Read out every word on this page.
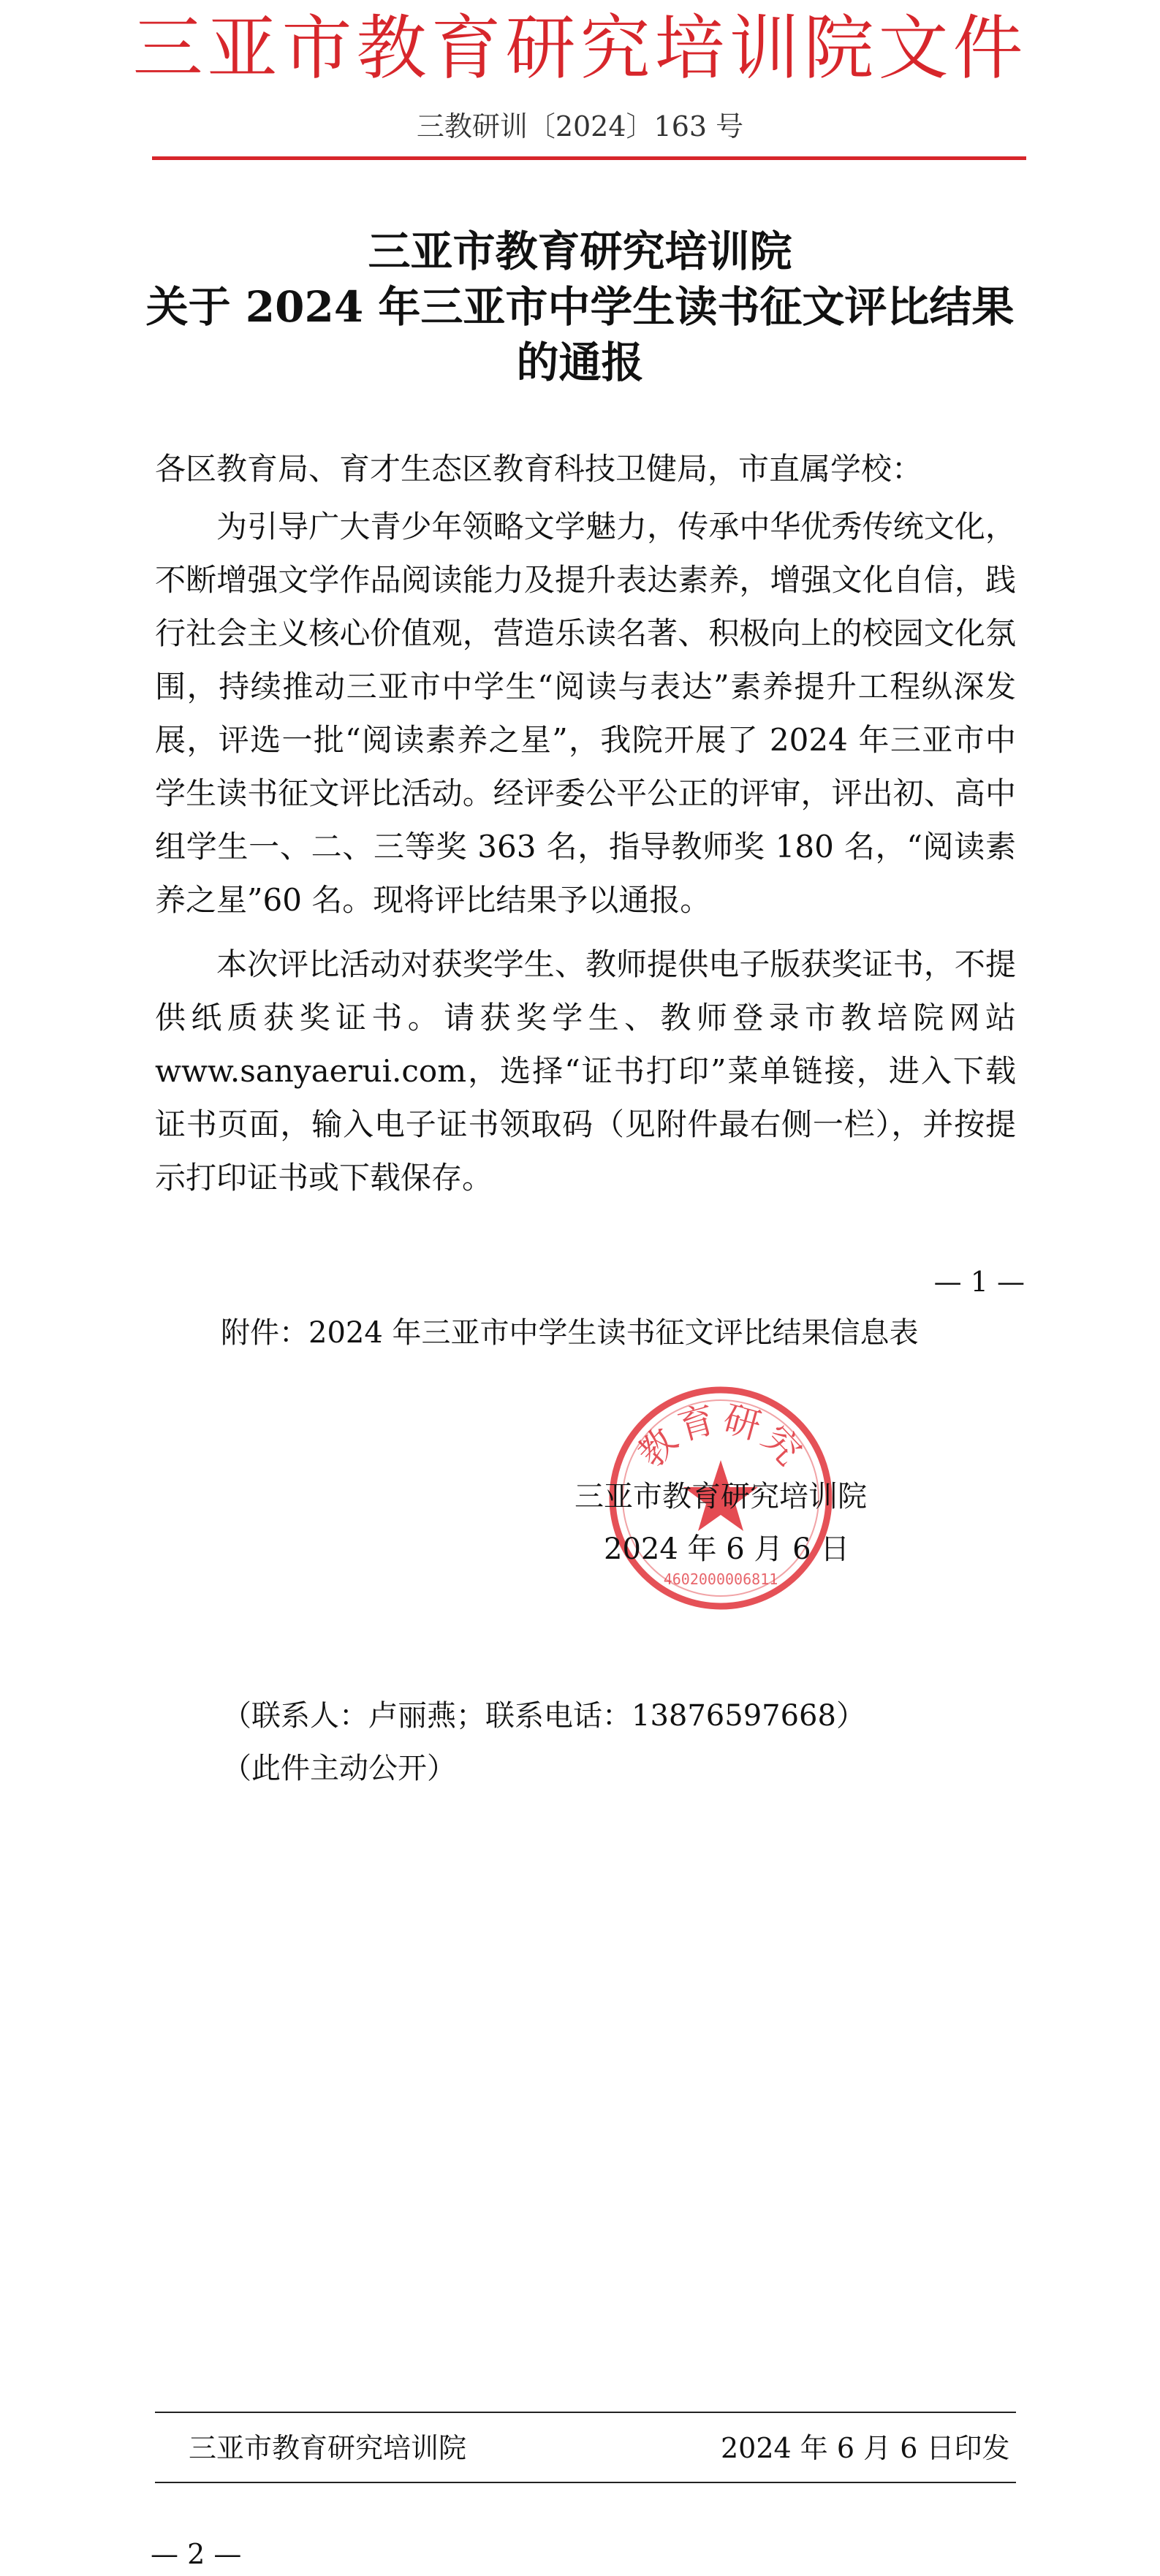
三亚市教育研究培训院文件
三教研训〔2024〕163 号
三亚市教育研究培训院
关于 2024 年三亚市中学生读书征文评比结果
的通报
各区教育局、育才生态区教育科技卫健局，市直属学校：

为引导广大青少年领略文学魅力，传承中华优秀传统文化，不断增强文学作品阅读能力及提升表达素养，增强文化自信，践行社会主义核心价值观，营造乐读名著、积极向上的校园文化氛围，持续推动三亚市中学生“阅读与表达”素养提升工程纵深发展，评选一批“阅读素养之星”，我院开展了 2024 年三亚市中学生读书征文评比活动。经评委公平公正的评审，评出初、高中组学生一、二、三等奖 363 名，指导教师奖 180 名，“阅读素养之星”60 名。现将评比结果予以通报。

本次评比活动对获奖学生、教师提供电子版获奖证书，不提供纸质获奖证书。请获奖学生、教师登录市教培院网站 www.sanyaerui.com，选择“证书打印”菜单链接，进入下载证书页面，输入电子证书领取码（见附件最右侧一栏），并按提示打印证书或下载保存。

— 1 —
附件：2024 年三亚市中学生读书征文评比结果信息表
教育研究
4602000006811
三亚市教育研究培训院
2024 年 6 月 6 日
（联系人：卢丽燕；联系电话：13876597668）
（此件主动公开）
三亚市教育研究培训院	2024 年 6 月 6 日印发
— 2 —
